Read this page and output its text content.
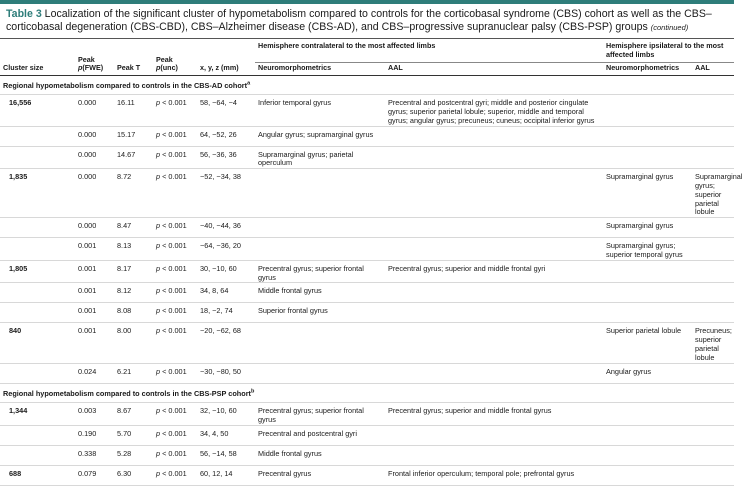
Table 3 Localization of the significant cluster of hypometabolism compared to controls for the corticobasal syndrome (CBS) cohort as well as the CBS–corticobasal degeneration (CBS-CBD), CBS–Alzheimer disease (CBS-AD), and CBS–progressive supranuclear palsy (CBS-PSP) groups (continued)
Cluster size	Peak p(FWE)	Peak T	Peak p(unc)	x, y, z (mm)	Hemisphere contralateral to the most affected limbs		Hemisphere ipsilateral to the most affected limbs	
					Neuromorphometrics	AAL	Neuromorphometrics	AAL
Regional hypometabolism compared to controls in the CBS-AD cohort$^a$
16,556	0.000	16.11	p < 0.001	58, −64, −4	Inferior temporal gyrus	Precentral and postcentral gyri; middle and posterior cingulate gyrus; superior parietal lobule; superior, middle and temporal gyrus; angular gyrus; precuneus; cuneus; occipital inferior gyrus		
	0.000	15.17	p < 0.001	64, −52, 26	Angular gyrus; supramarginal gyrus			
	0.000	14.67	p < 0.001	56, −36, 36	Supramarginal gyrus; parietal operculum			
1,835	0.000	8.72	p < 0.001	−52, −34, 38			Supramarginal gyrus	Supramarginal gyrus; superior parietal lobule
	0.000	8.47	p < 0.001	−40, −44, 36			Supramarginal gyrus	
	0.001	8.13	p < 0.001	−64, −36, 20			Supramarginal gyrus; superior temporal gyrus	
1,805	0.001	8.17	p < 0.001	30, −10, 60	Precentral gyrus; superior frontal gyrus	Precentral gyrus; superior and middle frontal gyri		
	0.001	8.12	p < 0.001	34, 8, 64	Middle frontal gyrus			
	0.001	8.08	p < 0.001	18, −2, 74	Superior frontal gyrus			
840	0.001	8.00	p < 0.001	−20, −62, 68			Superior parietal lobule	Precuneus; superior parietal lobule
	0.024	6.21	p < 0.001	−30, −80, 50			Angular gyrus	
Regional hypometabolism compared to controls in the CBS-PSP cohort$^b$
1,344	0.003	8.67	p < 0.001	32, −10, 60	Precentral gyrus; superior frontal gyrus	Precentral gyrus; superior and middle frontal gyrus		
	0.190	5.70	p < 0.001	34, 4, 50	Precentral and postcentral gyri			
	0.338	5.28	p < 0.001	56, −14, 58	Middle frontal gyrus			
688	0.079	6.30	p < 0.001	60, 12, 14	Precentral gyrus	Frontal inferior operculum; temporal pole; prefrontal gyrus		
